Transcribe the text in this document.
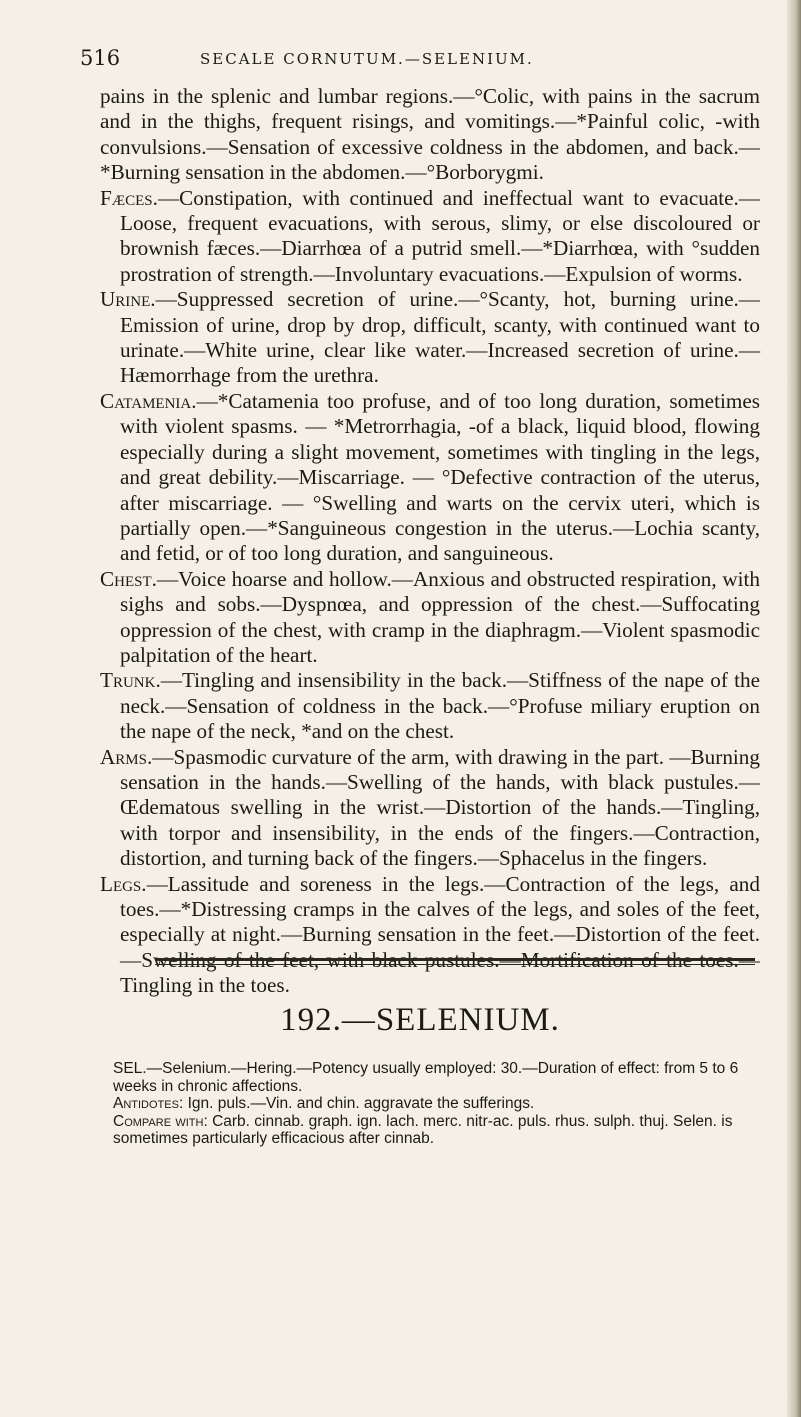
516	SECALE CORNUTUM.—SELENIUM.

pains in the splenic and lumbar regions.—°Colic, with pains in the sacrum and in the thighs, frequent risings, and vomitings.—*Painful colic, -with convulsions.—Sensation of excessive coldness in the abdomen, and back.—*Burning sensation in the abdomen.—°Borborygmi.

Fæces.—Constipation, with continued and ineffectual want to evacuate.—Loose, frequent evacuations, with serous, slimy, or else discoloured or brownish fæces.—Diarrhœa of a putrid smell.—*Diarrhœa, with °sudden prostration of strength.—Involuntary evacuations.—Expulsion of worms.

Urine.—Suppressed secretion of urine.—°Scanty, hot, burning urine.—Emission of urine, drop by drop, difficult, scanty, with continued want to urinate.—White urine, clear like water.—Increased secretion of urine.—Hæmorrhage from the urethra.

Catamenia.—*Catamenia too profuse, and of too long duration, sometimes with violent spasms. — *Metrorrhagia, -of a black, liquid blood, flowing especially during a slight movement, sometimes with tingling in the legs, and great debility.—Miscarriage. — °Defective contraction of the uterus, after miscarriage. — °Swelling and warts on the cervix uteri, which is partially open.—*Sanguineous congestion in the uterus.—Lochia scanty, and fetid, or of too long duration, and sanguineous.

Chest.—Voice hoarse and hollow.—Anxious and obstructed respiration, with sighs and sobs.—Dyspnœa, and oppression of the chest.—Suffocating oppression of the chest, with cramp in the diaphragm.—Violent spasmodic palpitation of the heart.

Trunk.—Tingling and insensibility in the back.—Stiffness of the nape of the neck.—Sensation of coldness in the back.—°Profuse miliary eruption on the nape of the neck, *and on the chest.

Arms.—Spasmodic curvature of the arm, with drawing in the part. —Burning sensation in the hands.—Swelling of the hands, with black pustules.—Œdematous swelling in the wrist.—Distortion of the hands.—Tingling, with torpor and insensibility, in the ends of the fingers.—Contraction, distortion, and turning back of the fingers.—Sphacelus in the fingers.

Legs.—Lassitude and soreness in the legs.—Contraction of the legs, and toes.—*Distressing cramps in the calves of the legs, and soles of the feet, especially at night.—Burning sensation in the feet.—Distortion of the feet.—Swelling of the feet, with black pustules.—Mortification of the toes.—Tingling in the toes.

192.—SELENIUM.

SEL.—Selenium.—Hering.—Potency usually employed: 30.—Duration of effect: from 5 to 6 weeks in chronic affections.

Antidotes: Ign. puls.—Vin. and chin. aggravate the sufferings.

Compare with: Carb. cinnab. graph. ign. lach. merc. nitr-ac. puls. rhus. sulph. thuj. Selen. is sometimes particularly efficacious after cinnab.
